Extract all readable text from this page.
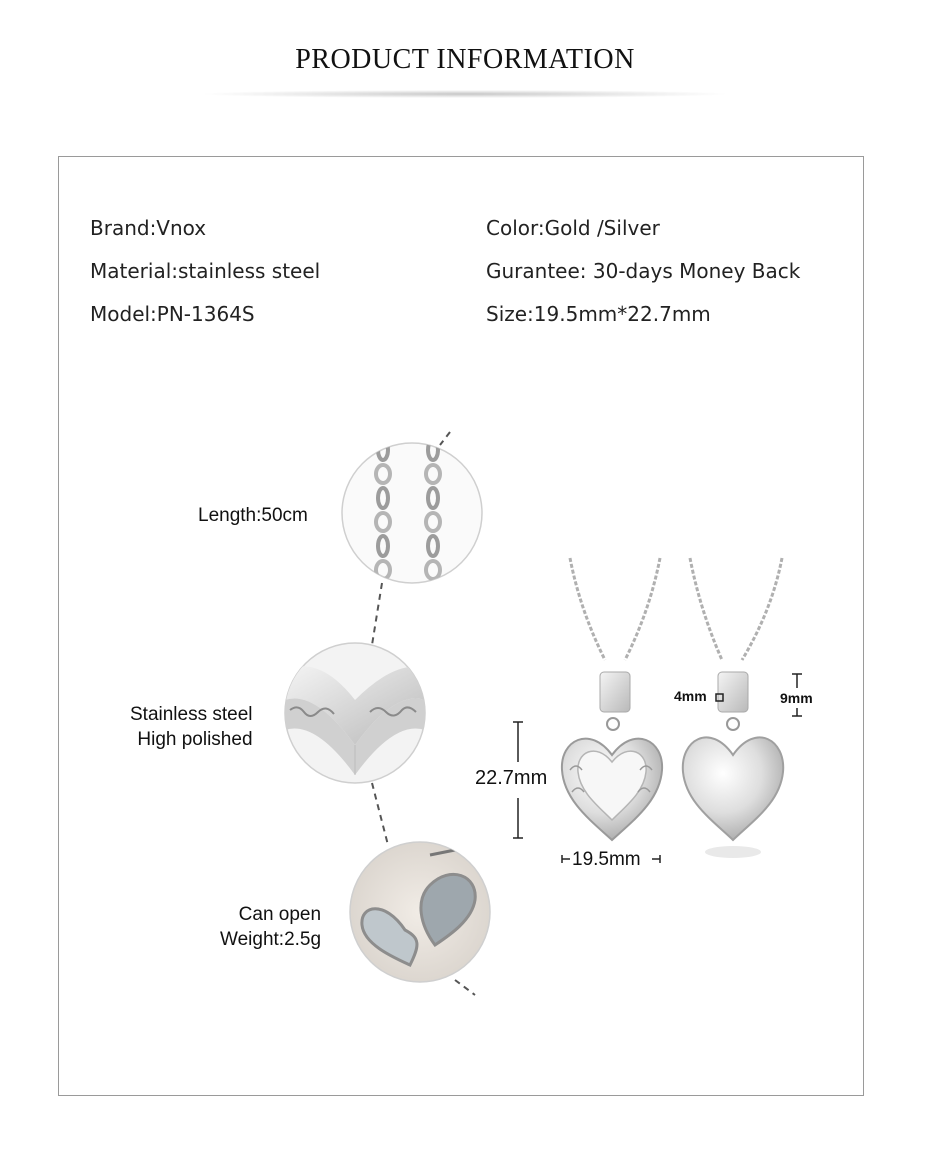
PRODUCT INFORMATION
Brand:Vnox
Material:stainless steel
Model:PN-1364S
Color:Gold /Silver
Gurantee: 30-days Money Back
Size:19.5mm*22.7mm
Length:50cm
Stainless steel
High polished
Can open
Weight:2.5g
22.7mm
19.5mm
4mm	9mm
